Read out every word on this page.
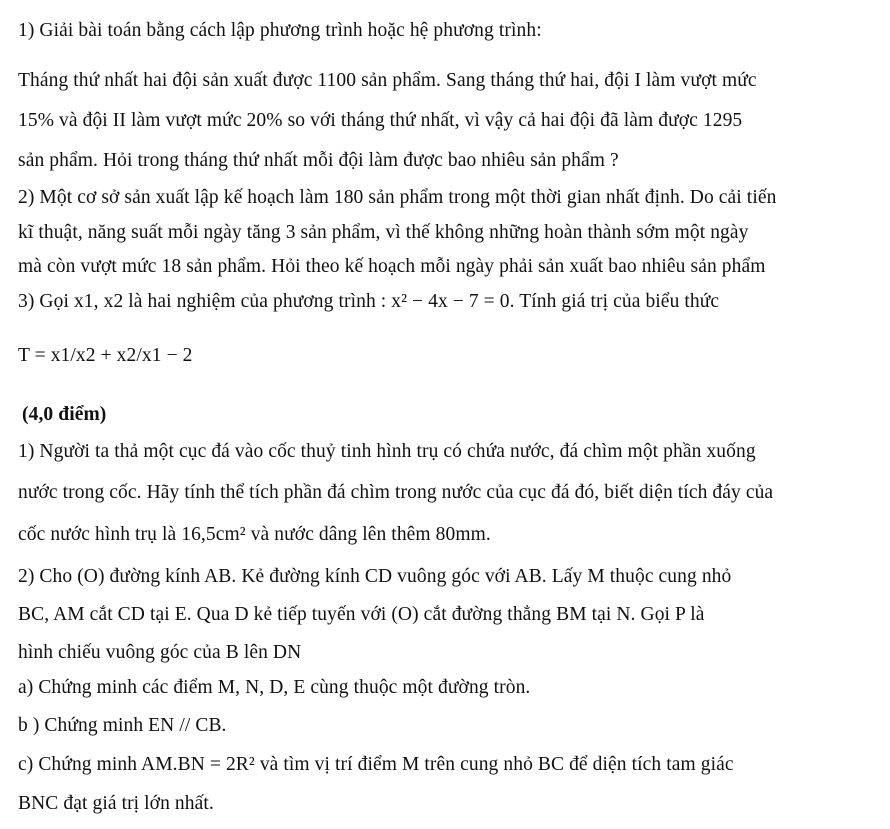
1) Giải bài toán bằng cách lập phương trình hoặc hệ phương trình:
Tháng thứ nhất hai đội sản xuất được 1100 sản phẩm. Sang tháng thứ hai, đội I làm vượt mức
15% và đội II làm vượt mức 20% so với tháng thứ nhất, vì vậy cả hai đội đã làm được 1295
sản phẩm. Hỏi trong tháng thứ nhất mỗi đội làm được bao nhiêu sản phẩm ?
2) Một cơ sở sản xuất lập kế hoạch làm 180 sản phẩm trong một thời gian nhất định. Do cải tiến
kĩ thuật, năng suất mỗi ngày tăng 3 sản phẩm, vì thế không những hoàn thành sớm một ngày
mà còn vượt mức 18 sản phẩm. Hỏi theo kế hoạch mỗi ngày phải sản xuất bao nhiêu sản phẩm
3) Gọi x1, x2 là hai nghiệm của phương trình : x² − 4x − 7 = 0. Tính giá trị của biểu thức
T = x1/x2 + x2/x1 − 2
(4,0 điểm)
1) Người ta thả một cục đá vào cốc thuỷ tinh hình trụ có chứa nước, đá chìm một phần xuống
nước trong cốc. Hãy tính thể tích phần đá chìm trong nước của cục đá đó, biết diện tích đáy của
cốc nước hình trụ là 16,5cm² và nước dâng lên thêm 80mm.
2) Cho (O) đường kính AB. Kẻ đường kính CD vuông góc với AB. Lấy M thuộc cung nhỏ
BC, AM cắt CD tại E. Qua D kẻ tiếp tuyến với (O) cắt đường thẳng BM tại N. Gọi P là
hình chiếu vuông góc của B lên DN
a) Chứng minh các điểm M, N, D, E cùng thuộc một đường tròn.
b ) Chứng minh EN // CB.
c) Chứng minh AM.BN = 2R² và tìm vị trí điểm M trên cung nhỏ BC để diện tích tam giác
BNC đạt giá trị lớn nhất.
